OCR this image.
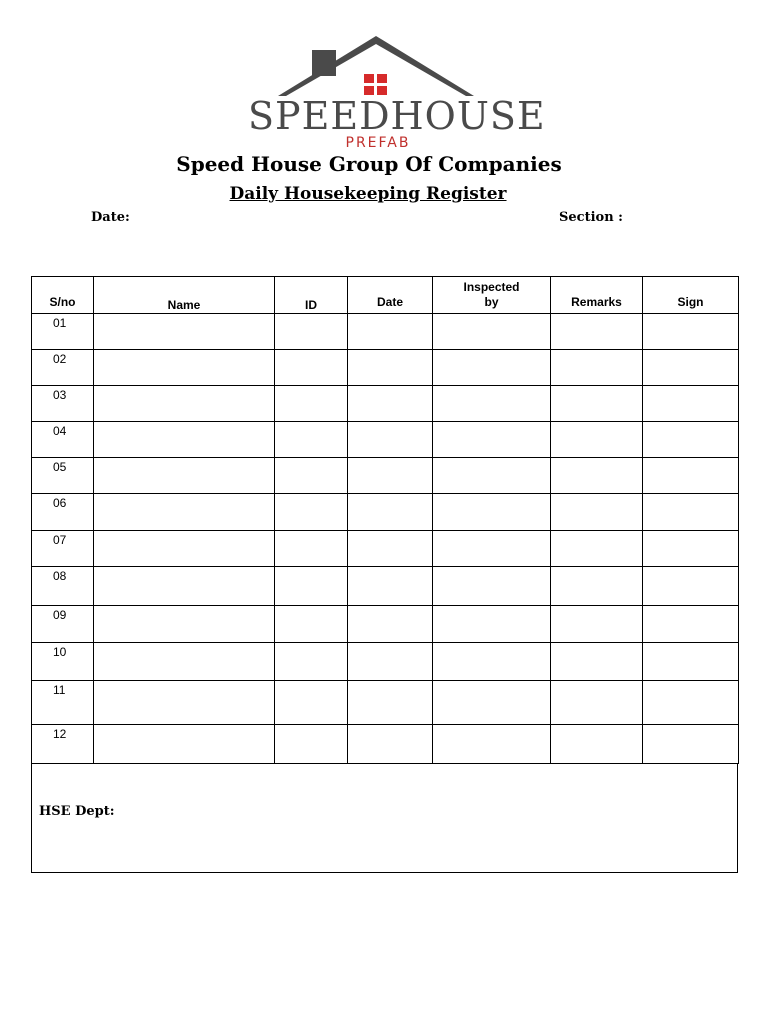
SPEEDHOUSE
PREFAB
Speed House Group Of Companies
Daily Housekeeping Register
Date:	Section :
S/no	Name	ID	Date	Inspected by	Remarks	Sign
01						
02						
03						
04						
05						
06						
07						
08						
09						
10						
11						
12						
HSE Dept:
